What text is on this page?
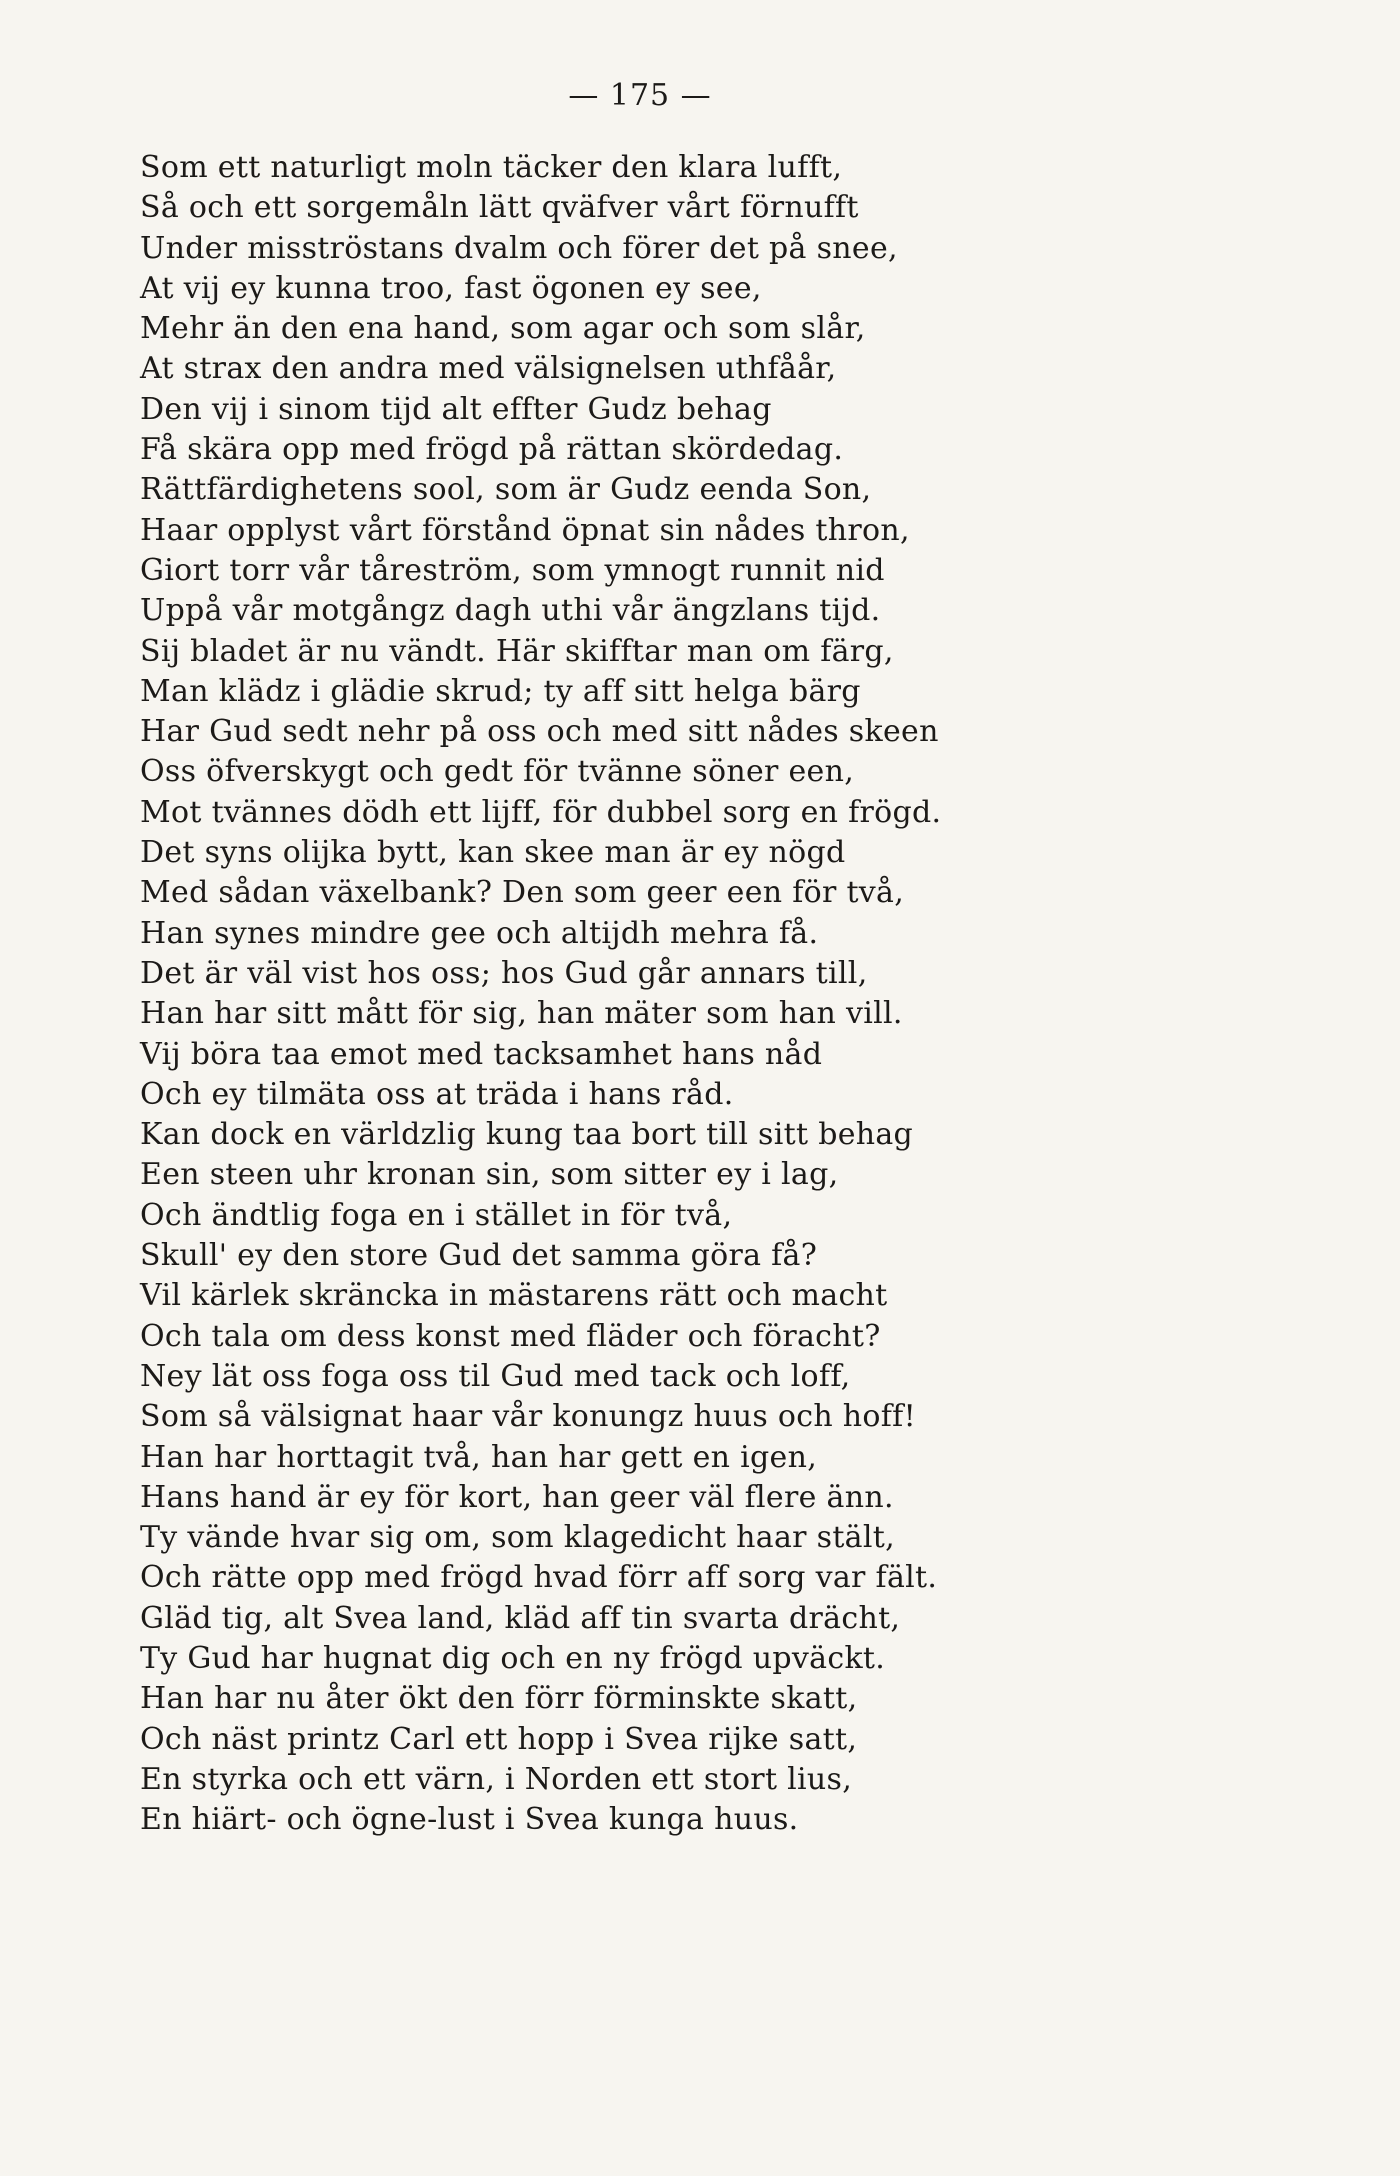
— 175 —
Som ett naturligt moln täcker den klara lufft,
Så och ett sorgemåln lätt qväfver vårt förnufft
Under misströstans dvalm och förer det på snee,
At vij ey kunna troo, fast ögonen ey see,
Mehr än den ena hand, som agar och som slår,
At strax den andra med välsignelsen uthfåår,
Den vij i sinom tijd alt effter Gudz behag
Få skära opp med frögd på rättan skördedag.
Rättfärdighetens sool, som är Gudz eenda Son,
Haar opplyst vårt förstånd öpnat sin nådes thron,
Giort torr vår tåreström, som ymnogt runnit nid
Uppå vår motgångz dagh uthi vår ängzlans tijd.
Sij bladet är nu vändt. Här skifftar man om färg,
Man klädz i glädie skrud; ty aff sitt helga bärg
Har Gud sedt nehr på oss och med sitt nådes skeen
Oss öfverskygt och gedt för tvänne söner een,
Mot tvännes dödh ett lijff, för dubbel sorg en frögd.
Det syns olijka bytt, kan skee man är ey nögd
Med sådan växelbank? Den som geer een för två,
Han synes mindre gee och altijdh mehra få.
Det är väl vist hos oss; hos Gud går annars till,
Han har sitt mått för sig, han mäter som han vill.
Vij böra taa emot med tacksamhet hans nåd
Och ey tilmäta oss at träda i hans råd.
Kan dock en världzlig kung taa bort till sitt behag
Een steen uhr kronan sin, som sitter ey i lag,
Och ändtlig foga en i stället in för två,
Skull' ey den store Gud det samma göra få?
Vil kärlek skräncka in mästarens rätt och macht
Och tala om dess konst med fläder och föracht?
Ney lät oss foga oss til Gud med tack och loff,
Som så välsignat haar vår konungz huus och hoff!
Han har horttagit två, han har gett en igen,
Hans hand är ey för kort, han geer väl flere änn.
Ty vände hvar sig om, som klagedicht haar stält,
Och rätte opp med frögd hvad förr aff sorg var fält.
Gläd tig, alt Svea land, kläd aff tin svarta drächt,
Ty Gud har hugnat dig och en ny frögd upväckt.
Han har nu åter ökt den förr förminskte skatt,
Och näst printz Carl ett hopp i Svea rijke satt,
En styrka och ett värn, i Norden ett stort lius,
En hiärt- och ögne-lust i Svea kunga huus.
